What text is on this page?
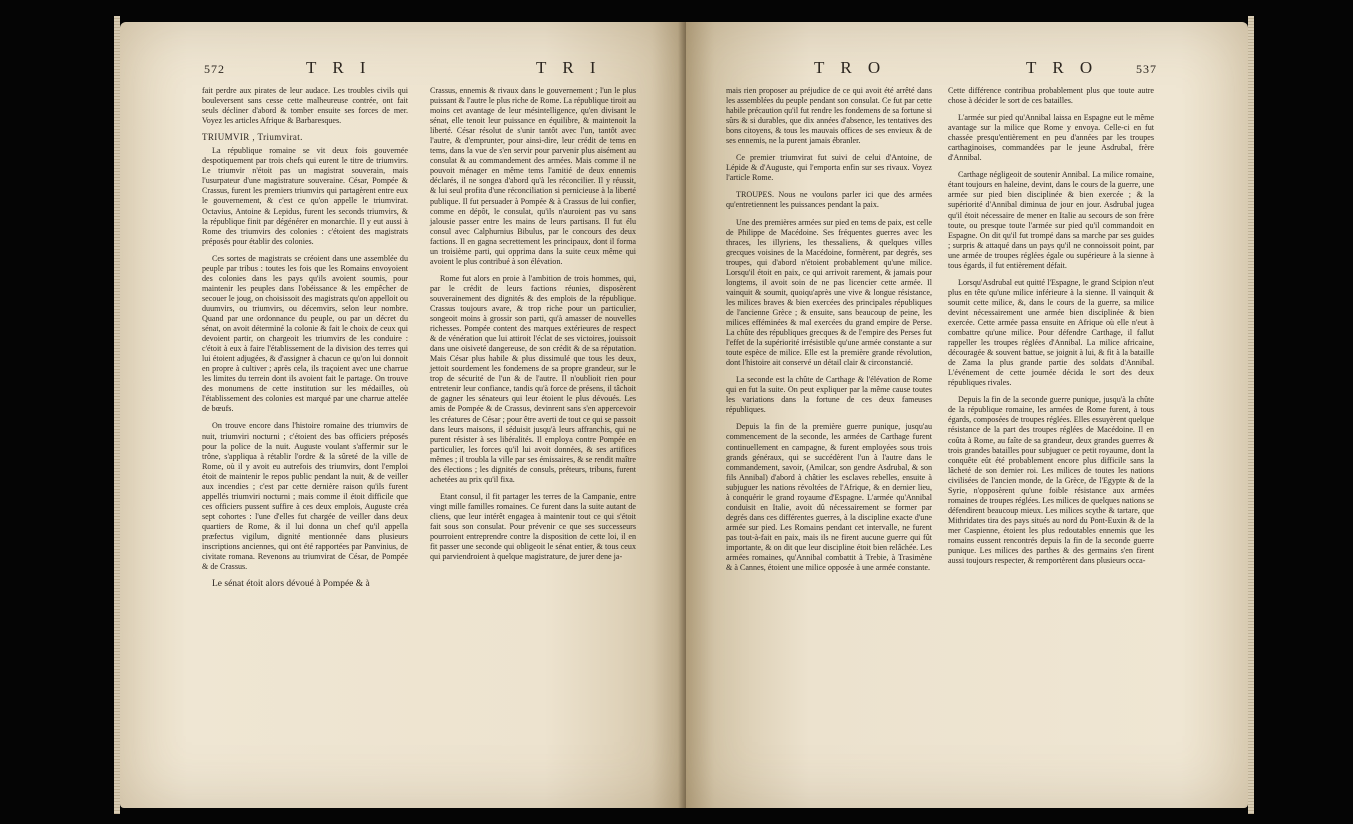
572	T R I	T R I

fait perdre aux pirates de leur audace. Les troubles civils qui bouleversent sans cesse cette malheureuse contrée, ont fait seuls décliner d'abord & tomber ensuite ses forces de mer. Voyez les articles Afrique & Barbaresques.

TRIUMVIR , Triumvirat.

La république romaine se vit deux fois gouvernée despotiquement par trois chefs qui eurent le titre de triumvirs. Le triumvir n'étoit pas un magistrat souverain, mais l'usurpateur d'une magistrature souveraine. César, Pompée & Crassus, furent les premiers triumvirs qui partagèrent entre eux le gouvernement, & c'est ce qu'on appelle le triumvirat. Octavius, Antoine & Lepidus, furent les seconds triumvirs, & la république finit par dégénérer en monarchie. Il y eut aussi à Rome des triumvirs des colonies : c'étoient des magistrats préposés pour établir des colonies.

Ces sortes de magistrats se créoient dans une assemblée du peuple par tribus : toutes les fois que les Romains envoyoient des colonies dans les pays qu'ils avoient soumis, pour maintenir les peuples dans l'obéissance & les empêcher de secouer le joug, on choisissoit des magistrats qu'on appelloit ou duumvirs, ou triumvirs, ou décemvirs, selon leur nombre. Quand par une ordonnance du peuple, ou par un décret du sénat, on avoit déterminé la colonie & fait le choix de ceux qui devoient partir, on chargeoit les triumvirs de les conduire : c'étoit à eux à faire l'établissement de la division des terres qui lui étoient adjugées, & d'assigner à chacun ce qu'on lui donnoit en propre à cultiver ; après cela, ils traçoient avec une charrue les limites du terrein dont ils avoient fait le partage. On trouve des monumens de cette institution sur les médailles, où l'établissement des colonies est marqué par une charrue attelée de bœufs.

On trouve encore dans l'histoire romaine des triumvirs de nuit, triumviri nocturni ; c'étoient des bas officiers préposés pour la police de la nuit. Auguste voulant s'affermir sur le trône, s'appliqua à rétablir l'ordre & la sûreté de la ville de Rome, où il y avoit eu autrefois des triumvirs, dont l'emploi étoit de maintenir le repos public pendant la nuit, & de veiller aux incendies ; c'est par cette dernière raison qu'ils furent appellés triumviri nocturni ; mais comme il étoit difficile que ces officiers pussent suffire à ces deux emplois, Auguste créa sept cohortes : l'une d'elles fut chargée de veiller dans deux quartiers de Rome, & il lui donna un chef qu'il appella præfectus vigilum, dignité mentionnée dans plusieurs inscriptions anciennes, qui ont été rapportées par Panvinius, de civitate romana. Revenons au triumvirat de César, de Pompée & de Crassus.

Le sénat étoit alors dévoué à Pompée & à

Crassus, ennemis & rivaux dans le gouvernement ; l'un le plus puissant & l'autre le plus riche de Rome. La république tiroit au moins cet avantage de leur mésintelligence, qu'en divisant le sénat, elle tenoit leur puissance en équilibre, & maintenoit la liberté. César résolut de s'unir tantôt avec l'un, tantôt avec l'autre, & d'emprunter, pour ainsi-dire, leur crédit de tems en tems, dans la vue de s'en servir pour parvenir plus aisément au consulat & au commandement des armées. Mais comme il ne pouvoit ménager en même tems l'amitié de deux ennemis déclarés, il ne songea d'abord qu'à les réconcilier. Il y réussit, & lui seul profita d'une réconciliation si pernicieuse à la liberté publique. Il fut persuader à Pompée & à Crassus de lui confier, comme en dépôt, le consulat, qu'ils n'auroient pas vu sans jalousie passer entre les mains de leurs partisans. Il fut élu consul avec Calphurnius Bibulus, par le concours des deux factions. Il en gagna secrettement les principaux, dont il forma un troisième parti, qui opprima dans la suite ceux même qui avoient le plus contribué à son élévation.

Rome fut alors en proie à l'ambition de trois hommes, qui, par le crédit de leurs factions réunies, disposèrent souverainement des dignités & des emplois de la république. Crassus toujours avare, & trop riche pour un particulier, songeoit moins à grossir son parti, qu'à amasser de nouvelles richesses. Pompée content des marques extérieures de respect & de vénération que lui attiroit l'éclat de ses victoires, jouissoit dans une oisiveté dangereuse, de son crédit & de sa réputation. Mais César plus habile & plus dissimulé que tous les deux, jettoit sourdement les fondemens de sa propre grandeur, sur le trop de sécurité de l'un & de l'autre. Il n'oublioit rien pour entretenir leur confiance, tandis qu'à force de présens, il tâchoit de gagner les sénateurs qui leur étoient le plus dévoués. Les amis de Pompée & de Crassus, devinrent sans s'en appercevoir les créatures de César ; pour être averti de tout ce qui se passoit dans leurs maisons, il séduisit jusqu'à leurs affranchis, qui ne purent résister à ses libéralités. Il employa contre Pompée en particulier, les forces qu'il lui avoit données, & ses artifices mêmes ; il troubla la ville par ses émissaires, & se rendit maître des élections ; les dignités de consuls, préteurs, tribuns, furent achetées au prix qu'il fixa.

Etant consul, il fit partager les terres de la Campanie, entre vingt mille familles romaines. Ce furent dans la suite autant de cliens, que leur intérêt engagea à maintenir tout ce qui s'étoit fait sous son consulat. Pour prévenir ce que ses successeurs pourroient entreprendre contre la disposition de cette loi, il en fit passer une seconde qui obligeoit le sénat entier, & tous ceux qui parviendroient à quelque magistrature, de jurer dene ja-

T R O	T R O	537

mais rien proposer au préjudice de ce qui avoit été arrêté dans les assemblées du peuple pendant son consulat. Ce fut par cette habile précaution qu'il fut rendre les fondemens de sa fortune si sûrs & si durables, que dix années d'absence, les tentatives des bons citoyens, & tous les mauvais offices de ses envieux & de ses ennemis, ne la purent jamais ébranler.

Ce premier triumvirat fut suivi de celui d'Antoine, de Lépide & d'Auguste, qui l'emporta enfin sur ses rivaux. Voyez l'article Rome.

TROUPES. Nous ne voulons parler ici que des armées qu'entretiennent les puissances pendant la paix.

Une des premières armées sur pied en tems de paix, est celle de Philippe de Macédoine. Ses fréquentes guerres avec les thraces, les illyriens, les thessaliens, & quelques villes grecques voisines de la Macédoine, formèrent, par degrés, ses troupes, qui d'abord n'étoient probablement qu'une milice. Lorsqu'il étoit en paix, ce qui arrivoit rarement, & jamais pour longtems, il avoit soin de ne pas licencier cette armée. Il vainquit & soumit, quoiqu'après une vive & longue résistance, les milices braves & bien exercées des principales républiques de l'ancienne Grèce ; & ensuite, sans beaucoup de peine, les milices efféminées & mal exercées du grand empire de Perse. La chûte des républiques grecques & de l'empire des Perses fut l'effet de la supériorité irrésistible qu'une armée constante a sur toute espèce de milice. Elle est la première grande révolution, dont l'histoire ait conservé un détail clair & circonstancié.

La seconde est la chûte de Carthage & l'élévation de Rome qui en fut la suite. On peut expliquer par la même cause toutes les variations dans la fortune de ces deux fameuses républiques.

Depuis la fin de la première guerre punique, jusqu'au commencement de la seconde, les armées de Carthage furent continuellement en campagne, & furent employées sous trois grands généraux, qui se succédèrent l'un à l'autre dans le commandement, savoir, (Amilcar, son gendre Asdrubal, & son fils Annibal) d'abord à châtier les esclaves rebelles, ensuite à subjuguer les nations révoltées de l'Afrique, & en dernier lieu, à conquérir le grand royaume d'Espagne. L'armée qu'Annibal conduisit en Italie, avoit dû nécessairement se former par degrés dans ces différentes guerres, à la discipline exacte d'une armée sur pied. Les Romains pendant cet intervalle, ne furent pas tout-à-fait en paix, mais ils ne firent aucune guerre qui fût importante, & on dit que leur discipline étoit bien relâchée. Les armées romaines, qu'Annibal combattit à Trebie, à Trasimène & à Cannes, étoient une milice opposée à une armée constante.

Cette différence contribua probablement plus que toute autre chose à décider le sort de ces batailles.

L'armée sur pied qu'Annibal laissa en Espagne eut le même avantage sur la milice que Rome y envoya. Celle-ci en fut chassée presqu'entièrement en peu d'années par les troupes carthaginoises, commandées par le jeune Asdrubal, frère d'Annibal.

Carthage négligeoit de soutenir Annibal. La milice romaine, étant toujours en haleine, devint, dans le cours de la guerre, une armée sur pied bien disciplinée & bien exercée ; & la supériorité d'Annibal diminua de jour en jour. Asdrubal jugea qu'il étoit nécessaire de mener en Italie au secours de son frère toute, ou presque toute l'armée sur pied qu'il commandoit en Espagne. On dit qu'il fut trompé dans sa marche par ses guides ; surpris & attaqué dans un pays qu'il ne connoissoit point, par une armée de troupes réglées égale ou supérieure à la sienne à tous égards, il fut entièrement défait.

Lorsqu'Asdrubal eut quitté l'Espagne, le grand Scipion n'eut plus en tête qu'une milice inférieure à la sienne. Il vainquit & soumit cette milice, &, dans le cours de la guerre, sa milice devint nécessairement une armée bien disciplinée & bien exercée. Cette armée passa ensuite en Afrique où elle n'eut à combattre qu'une milice. Pour défendre Carthage, il fallut rappeller les troupes réglées d'Annibal. La milice africaine, découragée & souvent battue, se joignit à lui, & fit à la bataille de Zama la plus grande partie des soldats d'Annibal. L'événement de cette journée décida le sort des deux républiques rivales.

Depuis la fin de la seconde guerre punique, jusqu'à la chûte de la république romaine, les armées de Rome furent, à tous égards, composées de troupes réglées. Elles essuyèrent quelque résistance de la part des troupes réglées de Macédoine. Il en coûta à Rome, au faîte de sa grandeur, deux grandes guerres & trois grandes batailles pour subjuguer ce petit royaume, dont la conquête eût été probablement encore plus difficile sans la lâcheté de son dernier roi. Les milices de toutes les nations civilisées de l'ancien monde, de la Grèce, de l'Egypte & de la Syrie, n'opposèrent qu'une foible résistance aux armées romaines de troupes réglées. Les milices de quelques nations se défendirent beaucoup mieux. Les milices scythe & tartare, que Mithridates tira des pays situés au nord du Pont-Euxin & de la mer Caspienne, étoient les plus redoutables ennemis que les romains eussent rencontrés depuis la fin de la seconde guerre punique. Les milices des parthes & des germains s'en firent aussi toujours respecter, & remportèrent dans plusieurs occa-
